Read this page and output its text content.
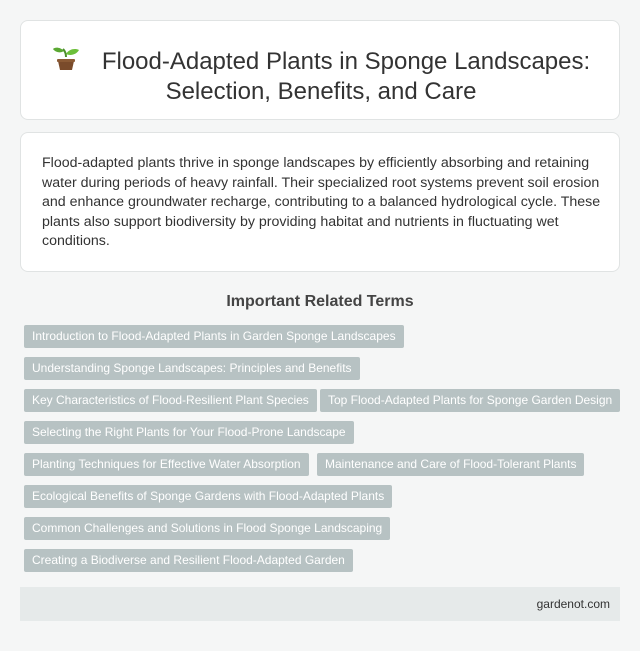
Flood-Adapted Plants in Sponge Landscapes:
Selection, Benefits, and Care

Flood-adapted plants thrive in sponge landscapes by efficiently absorbing and retaining water during periods of heavy rainfall. Their specialized root systems prevent soil erosion and enhance groundwater recharge, contributing to a balanced hydrological cycle. These plants also support biodiversity by providing habitat and nutrients in fluctuating wet conditions.

Important Related Terms
Introduction to Flood-Adapted Plants in Garden Sponge Landscapes
Understanding Sponge Landscapes: Principles and Benefits
Key Characteristics of Flood-Resilient Plant Species	Top Flood-Adapted Plants for Sponge Garden Design
Selecting the Right Plants for Your Flood-Prone Landscape
Planting Techniques for Effective Water Absorption	Maintenance and Care of Flood-Tolerant Plants
Ecological Benefits of Sponge Gardens with Flood-Adapted Plants
Common Challenges and Solutions in Flood Sponge Landscaping
Creating a Biodiverse and Resilient Flood-Adapted Garden
gardenot.com
